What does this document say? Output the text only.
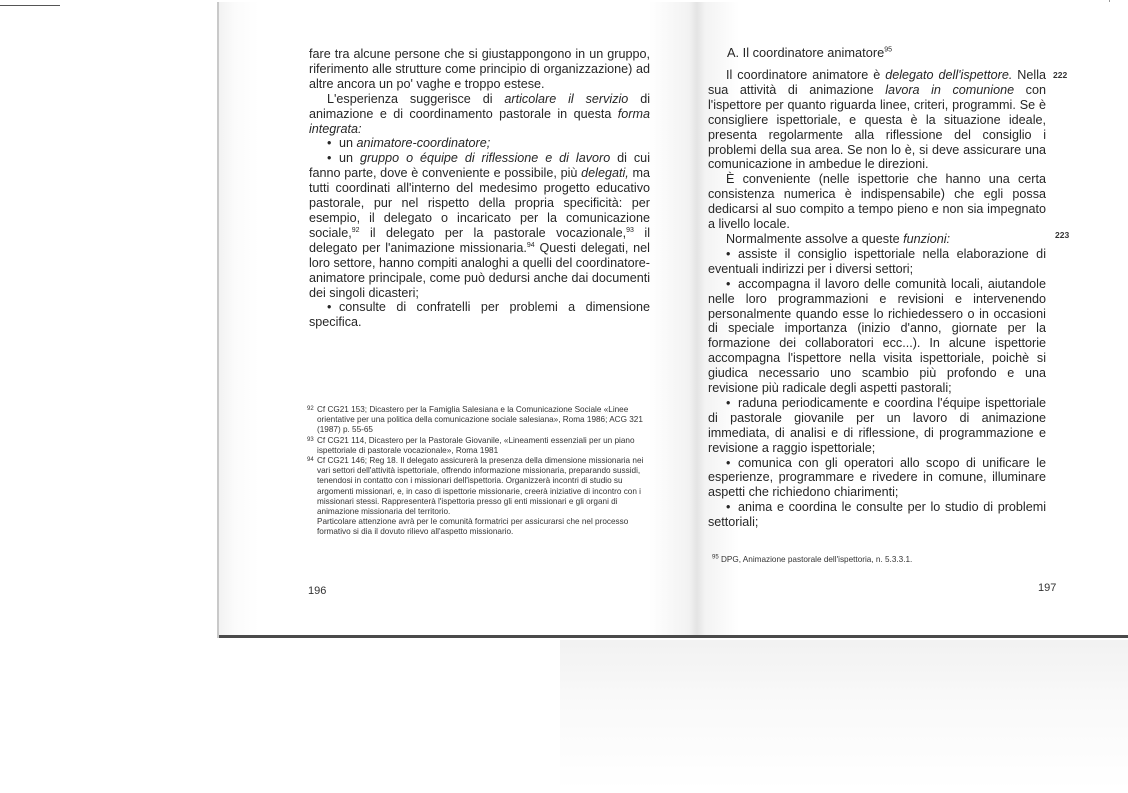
fare tra alcune persone che si giustappongono in un gruppo, riferimento alle strutture come principio di organizzazione) ad altre ancora un po' vaghe e troppo estese.

L'esperienza suggerisce di articolare il servizio di animazione e di coordinamento pastorale in questa forma integrata:

• un animatore-coordinatore;

• un gruppo o équipe di riflessione e di lavoro di cui fanno parte, dove è conveniente e possibile, più delegati, ma tutti coordinati all'interno del medesimo progetto educativo pastorale, pur nel rispetto della propria specificità: per esempio, il delegato o incaricato per la comunicazione sociale,$^{92}$ il delegato per la pastorale vocazionale,$^{93}$ il delegato per l'animazione missionaria.$^{94}$ Questi delegati, nel loro settore, hanno compiti analoghi a quelli del coordinatore-animatore principale, come può dedursi anche dai documenti dei singoli dicasteri;

• consulte di confratelli per problemi a dimensione specifica.

92 Cf CG21 153; Dicastero per la Famiglia Salesiana e la Comunicazione Sociale «Linee orientative per una politica della comunicazione sociale salesiana», Roma 1986; ACG 321 (1987) p. 55-65

93 Cf CG21 114, Dicastero per la Pastorale Giovanile, «Lineamenti essenziali per un piano ispettoriale di pastorale vocazionale», Roma 1981

94 Cf CG21 146; Reg 18. Il delegato assicurerà la presenza della dimensione missionaria nei vari settori dell'attività ispettoriale, offrendo informazione missionaria, preparando sussidi, tenendosi in contatto con i missionari dell'ispettoria. Organizzerà incontri di studio su argomenti missionari, e, in caso di ispettorie missionarie, creerà iniziative di incontro con i missionari stessi. Rappresenterà l'ispettoria presso gli enti missionari e gli organi di animazione missionaria del territorio.

Particolare attenzione avrà per le comunità formatrici per assicurarsi che nel processo formativo si dia il dovuto rilievo all'aspetto missionario.

196
A. Il coordinatore animatore$^{95}$
222
223

Il coordinatore animatore è delegato dell'ispettore. Nella sua attività di animazione lavora in comunione con l'ispettore per quanto riguarda linee, criteri, programmi. Se è consigliere ispettoriale, e questa è la situazione ideale, presenta regolarmente alla riflessione del consiglio i problemi della sua area. Se non lo è, si deve assicurare una comunicazione in ambedue le direzioni.

È conveniente (nelle ispettorie che hanno una certa consistenza numerica è indispensabile) che egli possa dedicarsi al suo compito a tempo pieno e non sia impegnato a livello locale.

Normalmente assolve a queste funzioni:

• assiste il consiglio ispettoriale nella elaborazione di eventuali indirizzi per i diversi settori;

• accompagna il lavoro delle comunità locali, aiutandole nelle loro programmazioni e revisioni e intervenendo personalmente quando esse lo richiedessero o in occasioni di speciale importanza (inizio d'anno, giornate per la formazione dei collaboratori ecc...). In alcune ispettorie accompagna l'ispettore nella visita ispettoriale, poichè si giudica necessario uno scambio più profondo e una revisione più radicale degli aspetti pastorali;

• raduna periodicamente e coordina l'équipe ispettoriale di pastorale giovanile per un lavoro di animazione immediata, di analisi e di riflessione, di programmazione e revisione a raggio ispettoriale;

• comunica con gli operatori allo scopo di unificare le esperienze, programmare e rivedere in comune, illuminare aspetti che richiedono chiarimenti;

• anima e coordina le consulte per lo studio di problemi settoriali;

$^{95}$ DPG, Animazione pastorale dell'ispettoria, n. 5.3.3.1.
197
